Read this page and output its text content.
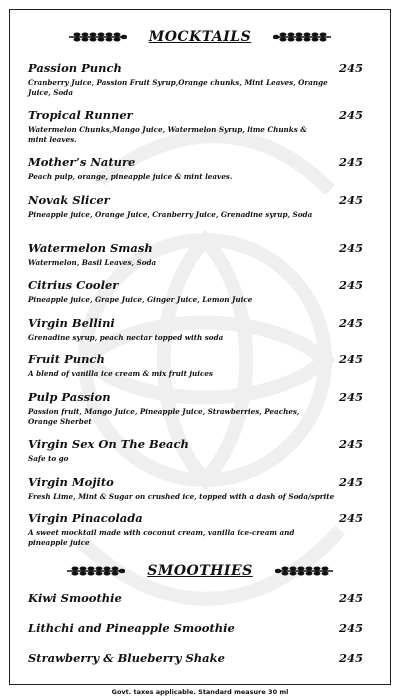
MOCKTAILS
Passion Punch	245
Cranberry Juice, Passion Fruit Syrup,Orange chunks, Mint Leaves, Orange Juice, Soda
Tropical Runner	245
Watermelon Chunks,Mango Juice, Watermelon Syrup, lime Chunks & mint leaves.
Mother’s Nature	245
Peach pulp, orange, pineapple juice & mint leaves.
Novak Slicer	245
Pineapple juice, Orange Juice, Cranberry Juice, Grenadine syrup, Soda
Watermelon Smash	245
Watermelon, Basil Leaves, Soda
Citrius Cooler	245
Pineapple juice, Grape Juice, Ginger Juice, Lemon Juice
Virgin Bellini	245
Grenadine syrup, peach nectar topped with soda
Fruit Punch	245
A blend of vanilla ice cream & mix fruit juices
Pulp Passion	245
Passion fruit, Mango Juice, Pineapple Juice, Strawberries, Peaches, Orange Sherbet
Virgin Sex On The Beach	245
Safe to go
Virgin Mojito	245
Fresh Lime, Mint & Sugar on crushed ice, topped with a dash of Soda/sprite
Virgin Pinacolada	245
A sweet mocktail made with coconut cream, vanilla ice-cream and pineapple juice
SMOOTHIES
Kiwi Smoothie	245
Lithchi and Pineapple Smoothie	245
Strawberry & Blueberry Shake	245
Govt. taxes applicable. Standard measure 30 ml
